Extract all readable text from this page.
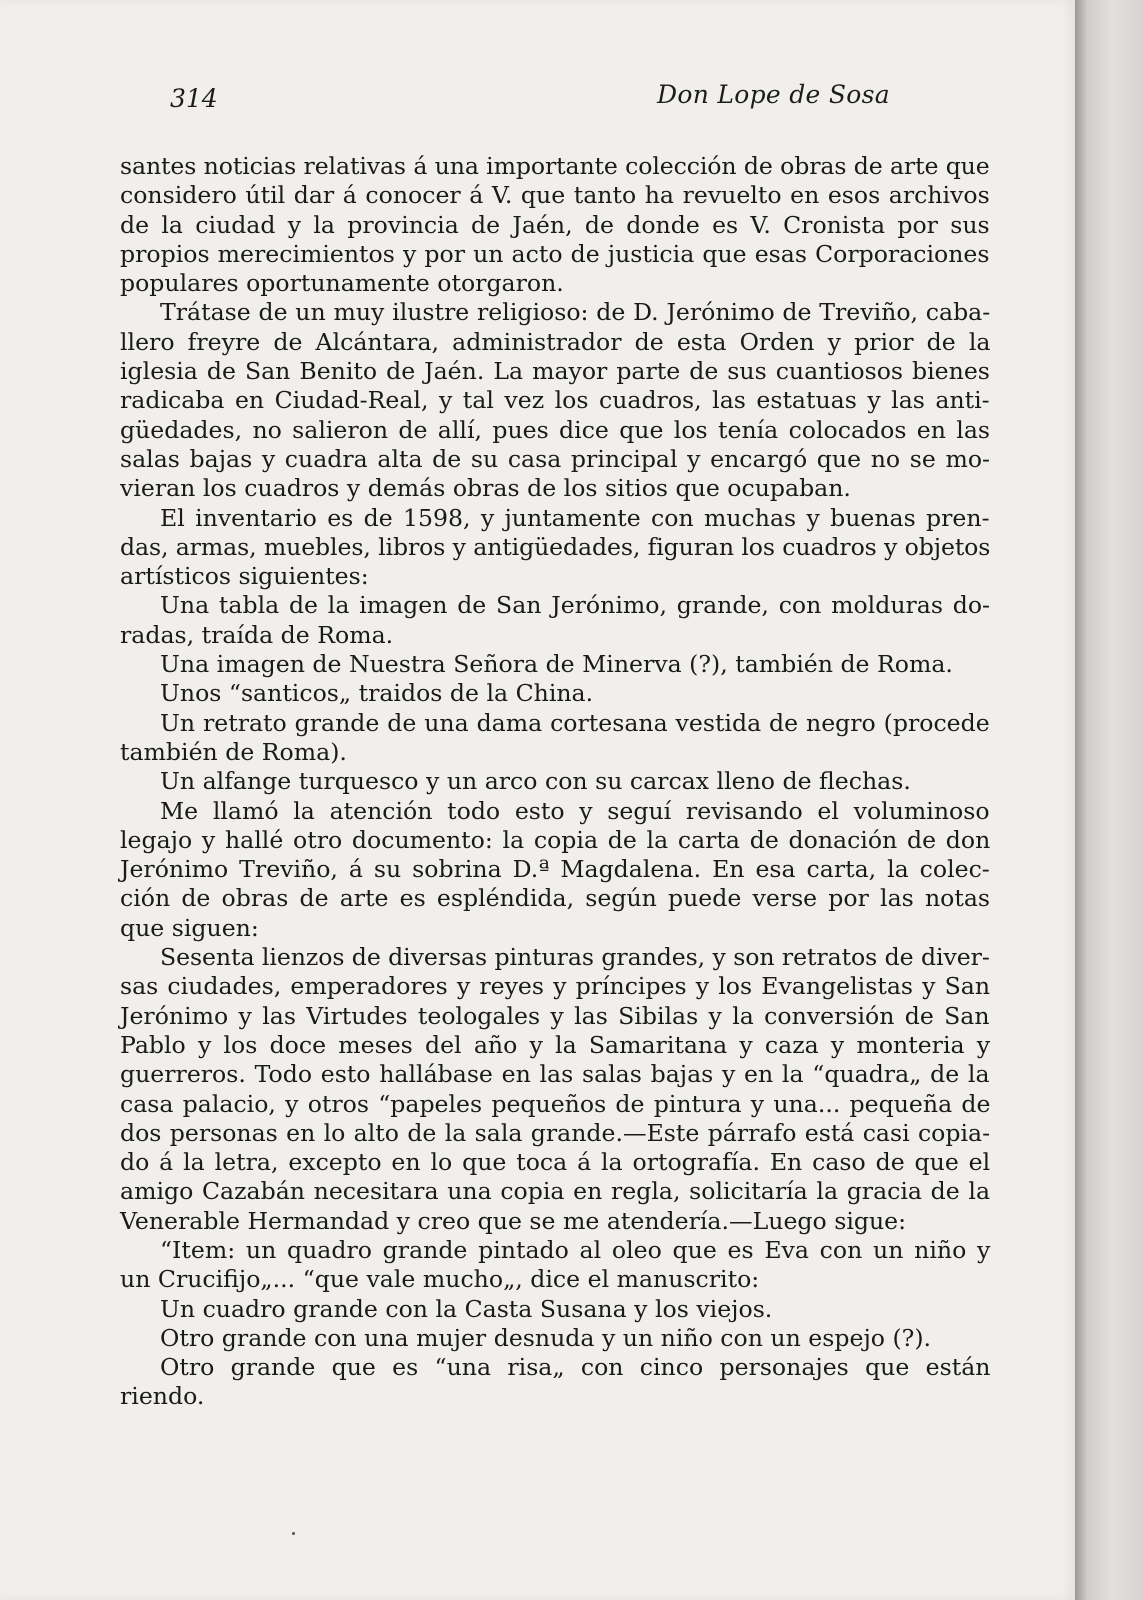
314	Don Lope de Sosa
santes noticias relativas á una importante colección de obras de arte que
considero útil dar á conocer á V. que tanto ha revuelto en esos archivos
de la ciudad y la provincia de Jaén, de donde es V. Cronista por sus
propios merecimientos y por un acto de justicia que esas Corporaciones
populares oportunamente otorgaron.
Trátase de un muy ilustre religioso: de D. Jerónimo de Treviño, caba-
llero freyre de Alcántara, administrador de esta Orden y prior de la
iglesia de San Benito de Jaén. La mayor parte de sus cuantiosos bienes
radicaba en Ciudad-Real, y tal vez los cuadros, las estatuas y las anti-
güedades, no salieron de allí, pues dice que los tenía colocados en las
salas bajas y cuadra alta de su casa principal y encargó que no se mo-
vieran los cuadros y demás obras de los sitios que ocupaban.
El inventario es de 1598, y juntamente con muchas y buenas pren-
das, armas, muebles, libros y antigüedades, figuran los cuadros y objetos
artísticos siguientes:
Una tabla de la imagen de San Jerónimo, grande, con molduras do-
radas, traída de Roma.
Una imagen de Nuestra Señora de Minerva (?), también de Roma.
Unos “santicos„ traidos de la China.
Un retrato grande de una dama cortesana vestida de negro (procede
también de Roma).
Un alfange turquesco y un arco con su carcax lleno de flechas.
Me llamó la atención todo esto y seguí revisando el voluminoso
legajo y hallé otro documento: la copia de la carta de donación de don
Jerónimo Treviño, á su sobrina D.ª Magdalena. En esa carta, la colec-
ción de obras de arte es espléndida, según puede verse por las notas
que siguen:
Sesenta lienzos de diversas pinturas grandes, y son retratos de diver-
sas ciudades, emperadores y reyes y príncipes y los Evangelistas y San
Jerónimo y las Virtudes teologales y las Sibilas y la conversión de San
Pablo y los doce meses del año y la Samaritana y caza y monteria y
guerreros. Todo esto hallábase en las salas bajas y en la “quadra„ de la
casa palacio, y otros “papeles pequeños de pintura y una... pequeña de
dos personas en lo alto de la sala grande.—Este párrafo está casi copia-
do á la letra, excepto en lo que toca á la ortografía. En caso de que el
amigo Cazabán necesitara una copia en regla, solicitaría la gracia de la
Venerable Hermandad y creo que se me atendería.—Luego sigue:
“Item: un quadro grande pintado al oleo que es Eva con un niño y
un Crucifijo„... “que vale mucho„, dice el manuscrito:
Un cuadro grande con la Casta Susana y los viejos.
Otro grande con una mujer desnuda y un niño con un espejo (?).
Otro grande que es “una risa„ con cinco personajes que están
riendo.
